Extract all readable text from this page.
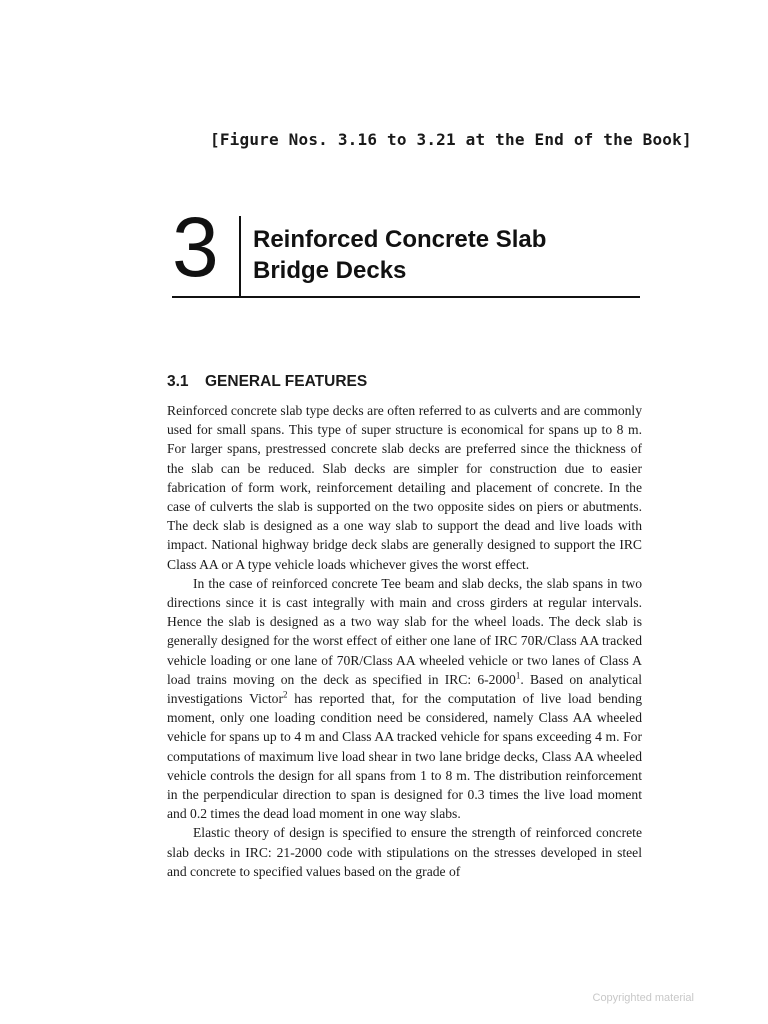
[Figure Nos. 3.16 to 3.21 at the End of the Book]
3	Reinforced Concrete Slab
Bridge Decks
3.1 GENERAL FEATURES

Reinforced concrete slab type decks are often referred to as culverts and are commonly used for small spans. This type of super structure is economical for spans up to 8 m. For larger spans, prestressed concrete slab decks are preferred since the thickness of the slab can be reduced. Slab decks are simpler for construction due to easier fabrication of form work, reinforcement detailing and placement of concrete. In the case of culverts the slab is supported on the two opposite sides on piers or abutments. The deck slab is designed as a one way slab to support the dead and live loads with impact. National highway bridge deck slabs are generally designed to support the IRC Class AA or A type vehicle loads whichever gives the worst effect.

In the case of reinforced concrete Tee beam and slab decks, the slab spans in two directions since it is cast integrally with main and cross girders at regular intervals. Hence the slab is designed as a two way slab for the wheel loads. The deck slab is generally designed for the worst effect of either one lane of IRC 70R/Class AA tracked vehicle loading or one lane of 70R/Class AA wheeled vehicle or two lanes of Class A load trains moving on the deck as specified in IRC: 6-2000$^1$. Based on analytical investigations Victor$^2$ has reported that, for the computation of live load bending moment, only one loading condition need be considered, namely Class AA wheeled vehicle for spans up to 4 m and Class AA tracked vehicle for spans exceeding 4 m. For computations of maximum live load shear in two lane bridge decks, Class AA wheeled vehicle controls the design for all spans from 1 to 8 m. The distribution reinforcement in the perpendicular direction to span is designed for 0.3 times the live load moment and 0.2 times the dead load moment in one way slabs.

Elastic theory of design is specified to ensure the strength of reinforced concrete slab decks in IRC: 21-2000 code with stipulations on the stresses developed in steel and concrete to specified values based on the grade of

Copyrighted material
